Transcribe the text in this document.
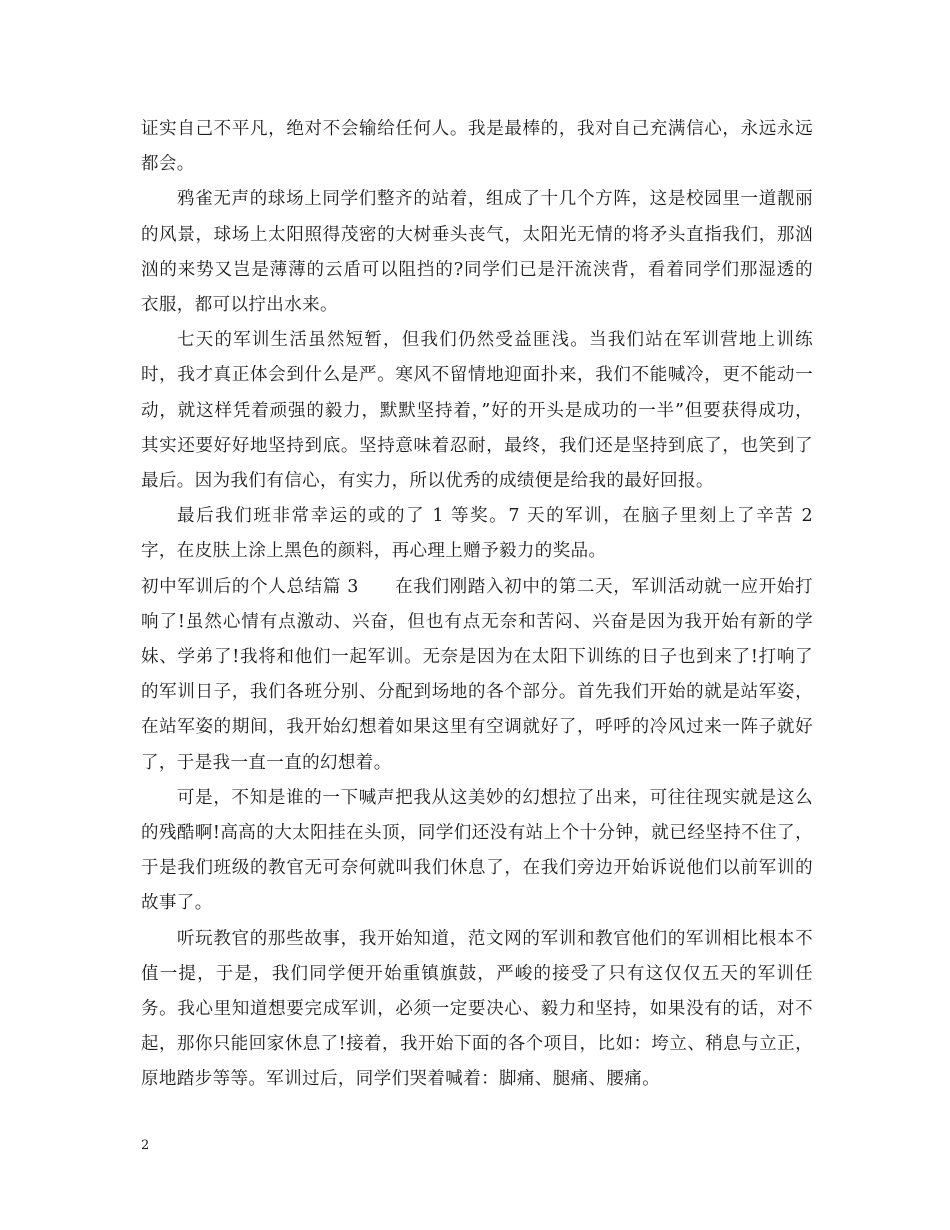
证实自己不平凡，绝对不会输给任何人。我是最棒的，我对自己充满信心，永远永远都会。

鸦雀无声的球场上同学们整齐的站着，组成了十几个方阵，这是校园里一道靓丽的风景，球场上太阳照得茂密的大树垂头丧气，太阳光无情的将矛头直指我们，那汹汹的来势又岂是薄薄的云盾可以阻挡的?同学们已是汗流浃背，看着同学们那湿透的衣服，都可以拧出水来。

七天的军训生活虽然短暂，但我们仍然受益匪浅。当我们站在军训营地上训练时，我才真正体会到什么是严。寒风不留情地迎面扑来，我们不能喊冷，更不能动一动，就这样凭着顽强的毅力，默默坚持着，”好的开头是成功的一半”但要获得成功，其实还要好好地坚持到底。坚持意味着忍耐，最终，我们还是坚持到底了，也笑到了最后。因为我们有信心，有实力，所以优秀的成绩便是给我的最好回报。

最后我们班非常幸运的或的了 1 等奖。7 天的军训，在脑子里刻上了辛苦 2 字，在皮肤上涂上黑色的颜料，再心理上赠予毅力的奖品。

初中军训后的个人总结篇 3 在我们刚踏入初中的第二天，军训活动就一应开始打响了!虽然心情有点激动、兴奋，但也有点无奈和苦闷、兴奋是因为我开始有新的学妹、学弟了!我将和他们一起军训。无奈是因为在太阳下训练的日子也到来了!打响了的军训日子，我们各班分别、分配到场地的各个部分。首先我们开始的就是站军姿，在站军姿的期间，我开始幻想着如果这里有空调就好了，呼呼的冷风过来一阵子就好了，于是我一直一直的幻想着。

可是，不知是谁的一下喊声把我从这美妙的幻想拉了出来，可往往现实就是这么的残酷啊!高高的大太阳挂在头顶，同学们还没有站上个十分钟，就已经坚持不住了，于是我们班级的教官无可奈何就叫我们休息了，在我们旁边开始诉说他们以前军训的故事了。

听玩教官的那些故事，我开始知道，范文网的军训和教官他们的军训相比根本不值一提，于是，我们同学便开始重镇旗鼓，严峻的接受了只有这仅仅五天的军训任务。我心里知道想要完成军训，必须一定要决心、毅力和坚持，如果没有的话，对不起，那你只能回家休息了!接着，我开始下面的各个项目，比如：垮立、稍息与立正，原地踏步等等。军训过后，同学们哭着喊着：脚痛、腿痛、腰痛。

2
